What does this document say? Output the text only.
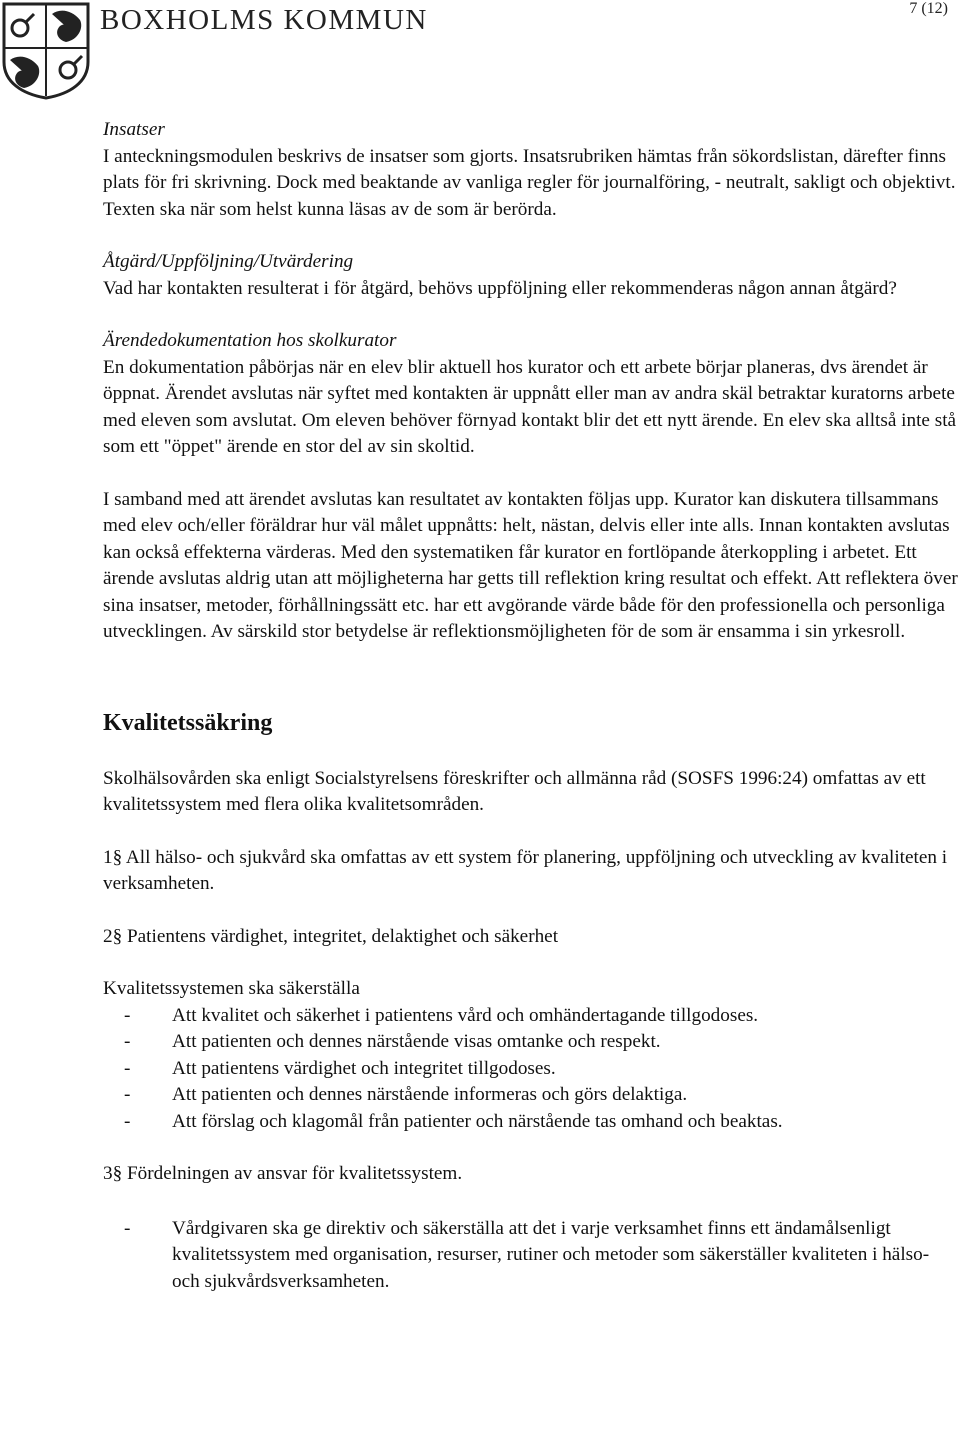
BOXHOLMS KOMMUN	7 (12)

Insatser

I anteckningsmodulen beskrivs de insatser som gjorts. Insatsrubriken hämtas från sökordslistan, därefter finns plats för fri skrivning. Dock med beaktande av vanliga regler för journalföring, - neutralt, sakligt och objektivt. Texten ska när som helst kunna läsas av de som är berörda.

Åtgärd/Uppföljning/Utvärdering

Vad har kontakten resulterat i för åtgärd, behövs uppföljning eller rekommenderas någon annan åtgärd?

Ärendedokumentation hos skolkurator

En dokumentation påbörjas när en elev blir aktuell hos kurator och ett arbete börjar planeras, dvs ärendet är öppnat. Ärendet avslutas när syftet med kontakten är uppnått eller man av andra skäl betraktar kuratorns arbete med eleven som avslutat. Om eleven behöver förnyad kontakt blir det ett nytt ärende. En elev ska alltså inte stå som ett "öppet" ärende en stor del av sin skoltid.

I samband med att ärendet avslutas kan resultatet av kontakten följas upp. Kurator kan diskutera tillsammans med elev och/eller föräldrar hur väl målet uppnåtts: helt, nästan, delvis eller inte alls. Innan kontakten avslutas kan också effekterna värderas. Med den systematiken får kurator en fortlöpande återkoppling i arbetet. Ett ärende avslutas aldrig utan att möjligheterna har getts till reflektion kring resultat och effekt. Att reflektera över sina insatser, metoder, förhållningssätt etc. har ett avgörande värde både för den professionella och personliga utvecklingen. Av särskild stor betydelse är reflektionsmöjligheten för de som är ensamma i sin yrkesroll.

Kvalitetssäkring

Skolhälsovården ska enligt Socialstyrelsens föreskrifter och allmänna råd (SOSFS 1996:24) omfattas av ett kvalitetssystem med flera olika kvalitetsområden.

1§ All hälso- och sjukvård ska omfattas av ett system för planering, uppföljning och utveckling av kvaliteten i verksamheten.

2§ Patientens värdighet, integritet, delaktighet och säkerhet

Kvalitetssystemen ska säkerställa

- Att kvalitet och säkerhet i patientens vård och omhändertagande tillgodoses.
- Att patienten och dennes närstående visas omtanke och respekt.
- Att patientens värdighet och integritet tillgodoses.
- Att patienten och dennes närstående informeras och görs delaktiga.
- Att förslag och klagomål från patienter och närstående tas omhand och beaktas.

3§ Fördelningen av ansvar för kvalitetssystem.

- Vårdgivaren ska ge direktiv och säkerställa att det i varje verksamhet finns ett ändamålsenligt kvalitetssystem med organisation, resurser, rutiner och metoder som säkerställer kvaliteten i hälso- och sjukvårdsverksamheten.
